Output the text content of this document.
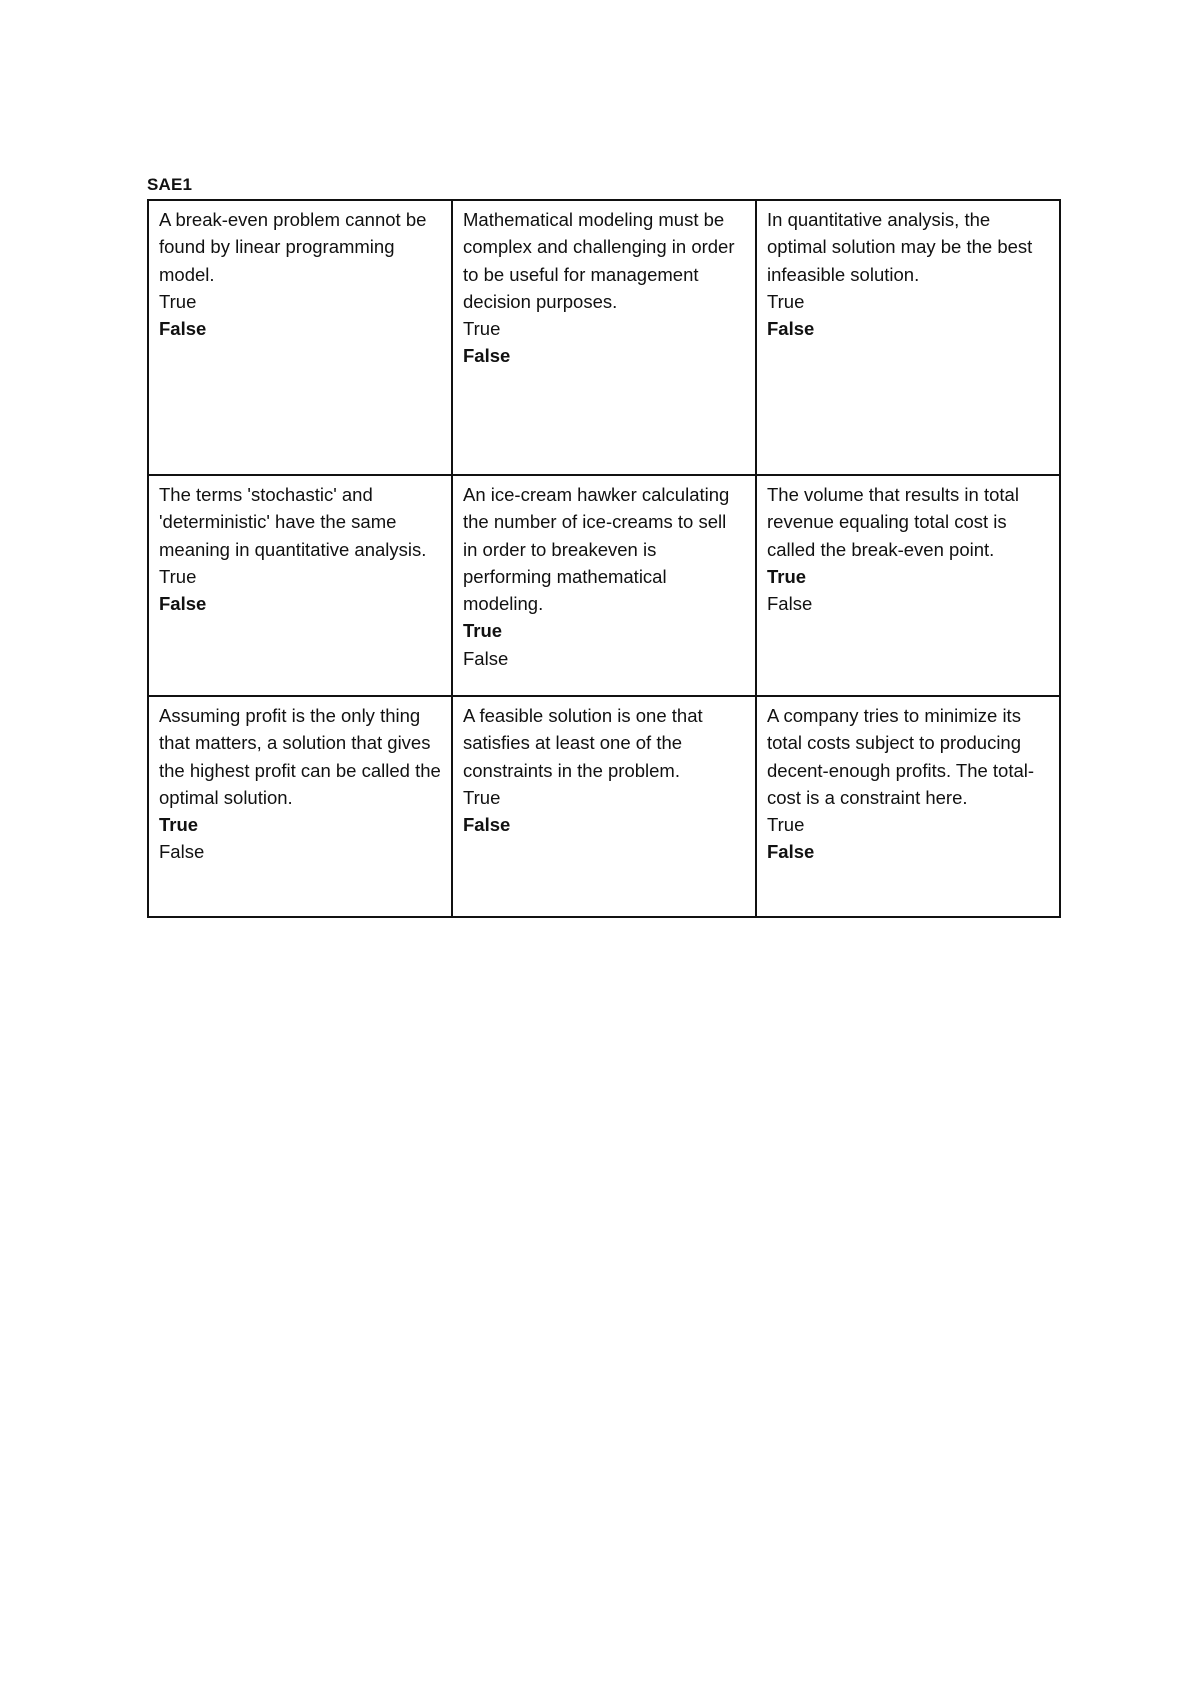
SAE1
A break-even problem cannot be found by linear programming model.
True
False	Mathematical modeling must be complex and challenging in order to be useful for management decision purposes.
True
False	In quantitative analysis, the optimal solution may be the best infeasible solution.
True
False

The terms 'stochastic' and 'deterministic' have the same meaning in quantitative analysis.
True
False	An ice-cream hawker calculating the number of ice-creams to sell in order to breakeven is performing mathematical modeling.
True
False	The volume that results in total revenue equaling total cost is called the break-even point.
True
False

Assuming profit is the only thing that matters, a solution that gives the highest profit can be called the optimal solution.
True
False	A feasible solution is one that satisfies at least one of the constraints in the problem.
True
False	A company tries to minimize its total costs subject to producing decent-enough profits. The total-cost is a constraint here.
True
False
